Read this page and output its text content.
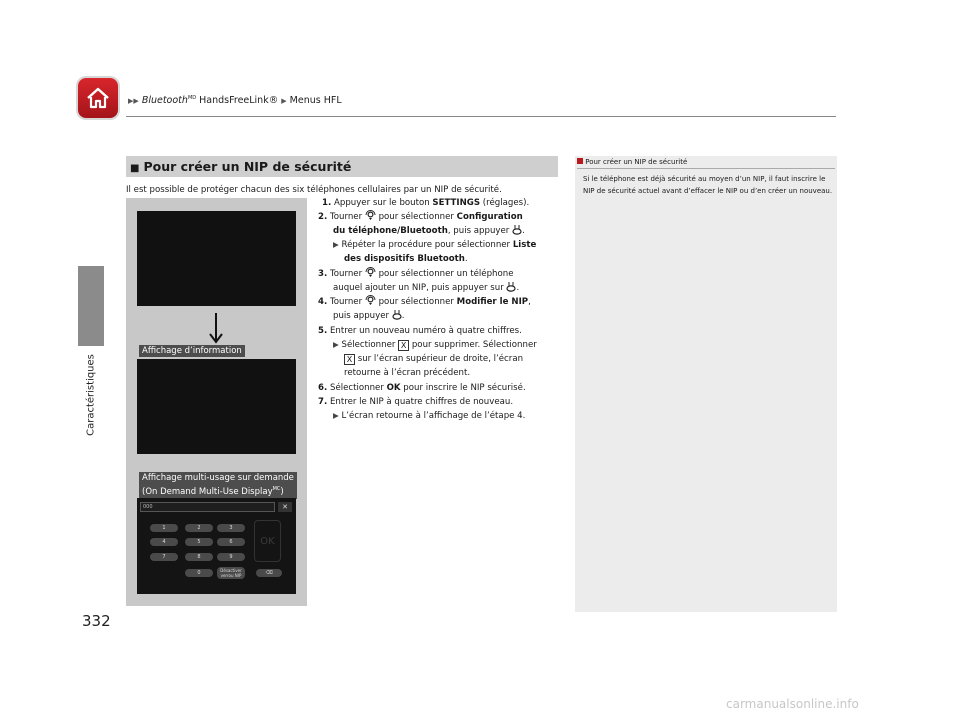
▶▶ Bluetooth$^{MD}$ HandsFreeLink® ▶ Menus HFL
Caractéristiques
332
■ Pour créer un NIP de sécurité
Il est possible de protéger chacun des six téléphones cellulaires par un NIP de sécurité.
Affichage d’information
Affichage multi-usage sur demande
(On Demand Multi-Use Display$^{MC}$)
000	✕
1	2	3
4	5	6
7	8	9
0	Désactiver
verrou NIP	⌫
OK
1. Appuyer sur le bouton SETTINGS (réglages).
2. Tourner  pour sélectionner Configuration
du téléphone/Bluetooth, puis appuyer .
▶ Répéter la procédure pour sélectionner Liste
des dispositifs Bluetooth.
3. Tourner  pour sélectionner un téléphone
auquel ajouter un NIP, puis appuyer sur .
4. Tourner  pour sélectionner Modifier le NIP,
puis appuyer .
5. Entrer un nouveau numéro à quatre chiffres.
▶ Sélectionner X pour supprimer. Sélectionner
X sur l’écran supérieur de droite, l’écran
retourne à l’écran précédent.
6. Sélectionner OK pour inscrire le NIP sécurisé.
7. Entrer le NIP à quatre chiffres de nouveau.
▶ L’écran retourne à l’affichage de l’étape 4.
Pour créer un NIP de sécurité
Si le téléphone est déjà sécurité au moyen d’un NIP, il faut inscrire le NIP de sécurité actuel avant d’effacer le NIP ou d’en créer un nouveau.
carmanualsonline.info
